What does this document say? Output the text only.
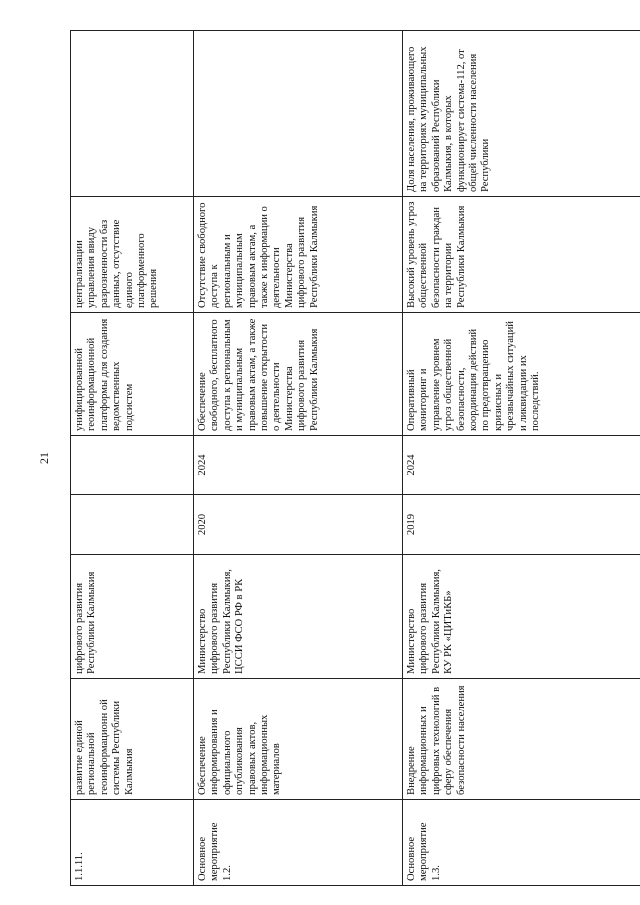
21
1.1.11.	развитие единой региональной геоинформационн ой системы Республики Калмыкия	цифрового развития Республики Калмыкия			унифицированной геоинформационной платформы для создания ведомственных подсистем	централизации управления ввиду разрозненности баз данных, отсутствие единого платформенного решения	
Основное мероприятие 1.2.	Обеспечение информирования и официального опубликования правовых актов, информационных материалов	Министерство цифрового развития Республики Калмыкия, ЦССИ ФСО РФ в РК	2020	2024	Обеспечение свободного, бесплатного доступа к региональным и муниципальным правовым актам, а также повышение открытости о деятельности Министерства цифрового развития Республики Калмыкия	Отсутствие свободного доступа к региональным и муниципальным правовым актам, а также к информации о деятельности Министерства цифрового развития Республики Калмыкия	
Основное мероприятие 1.3.	Внедрение информационных и цифровых технологий в сферу обеспечения безопасности населения	Министерство цифрового развития Республики Калмыкия, КУ РК «ЦИТиКБ»	2019	2024	Оперативный мониторинг и управление уровнем угроз общественной безопасности, координация действий по предотвращению кризисных и чрезвычайных ситуаций и ликвидации их последствий.	Высокий уровень угроз общественной безопасности граждан на территории Республики Калмыкия	Доля населения, проживающего на территориях муниципальных образований Республики Калмыкия, в которых функционирует система-112, от общей численности населения Республики
